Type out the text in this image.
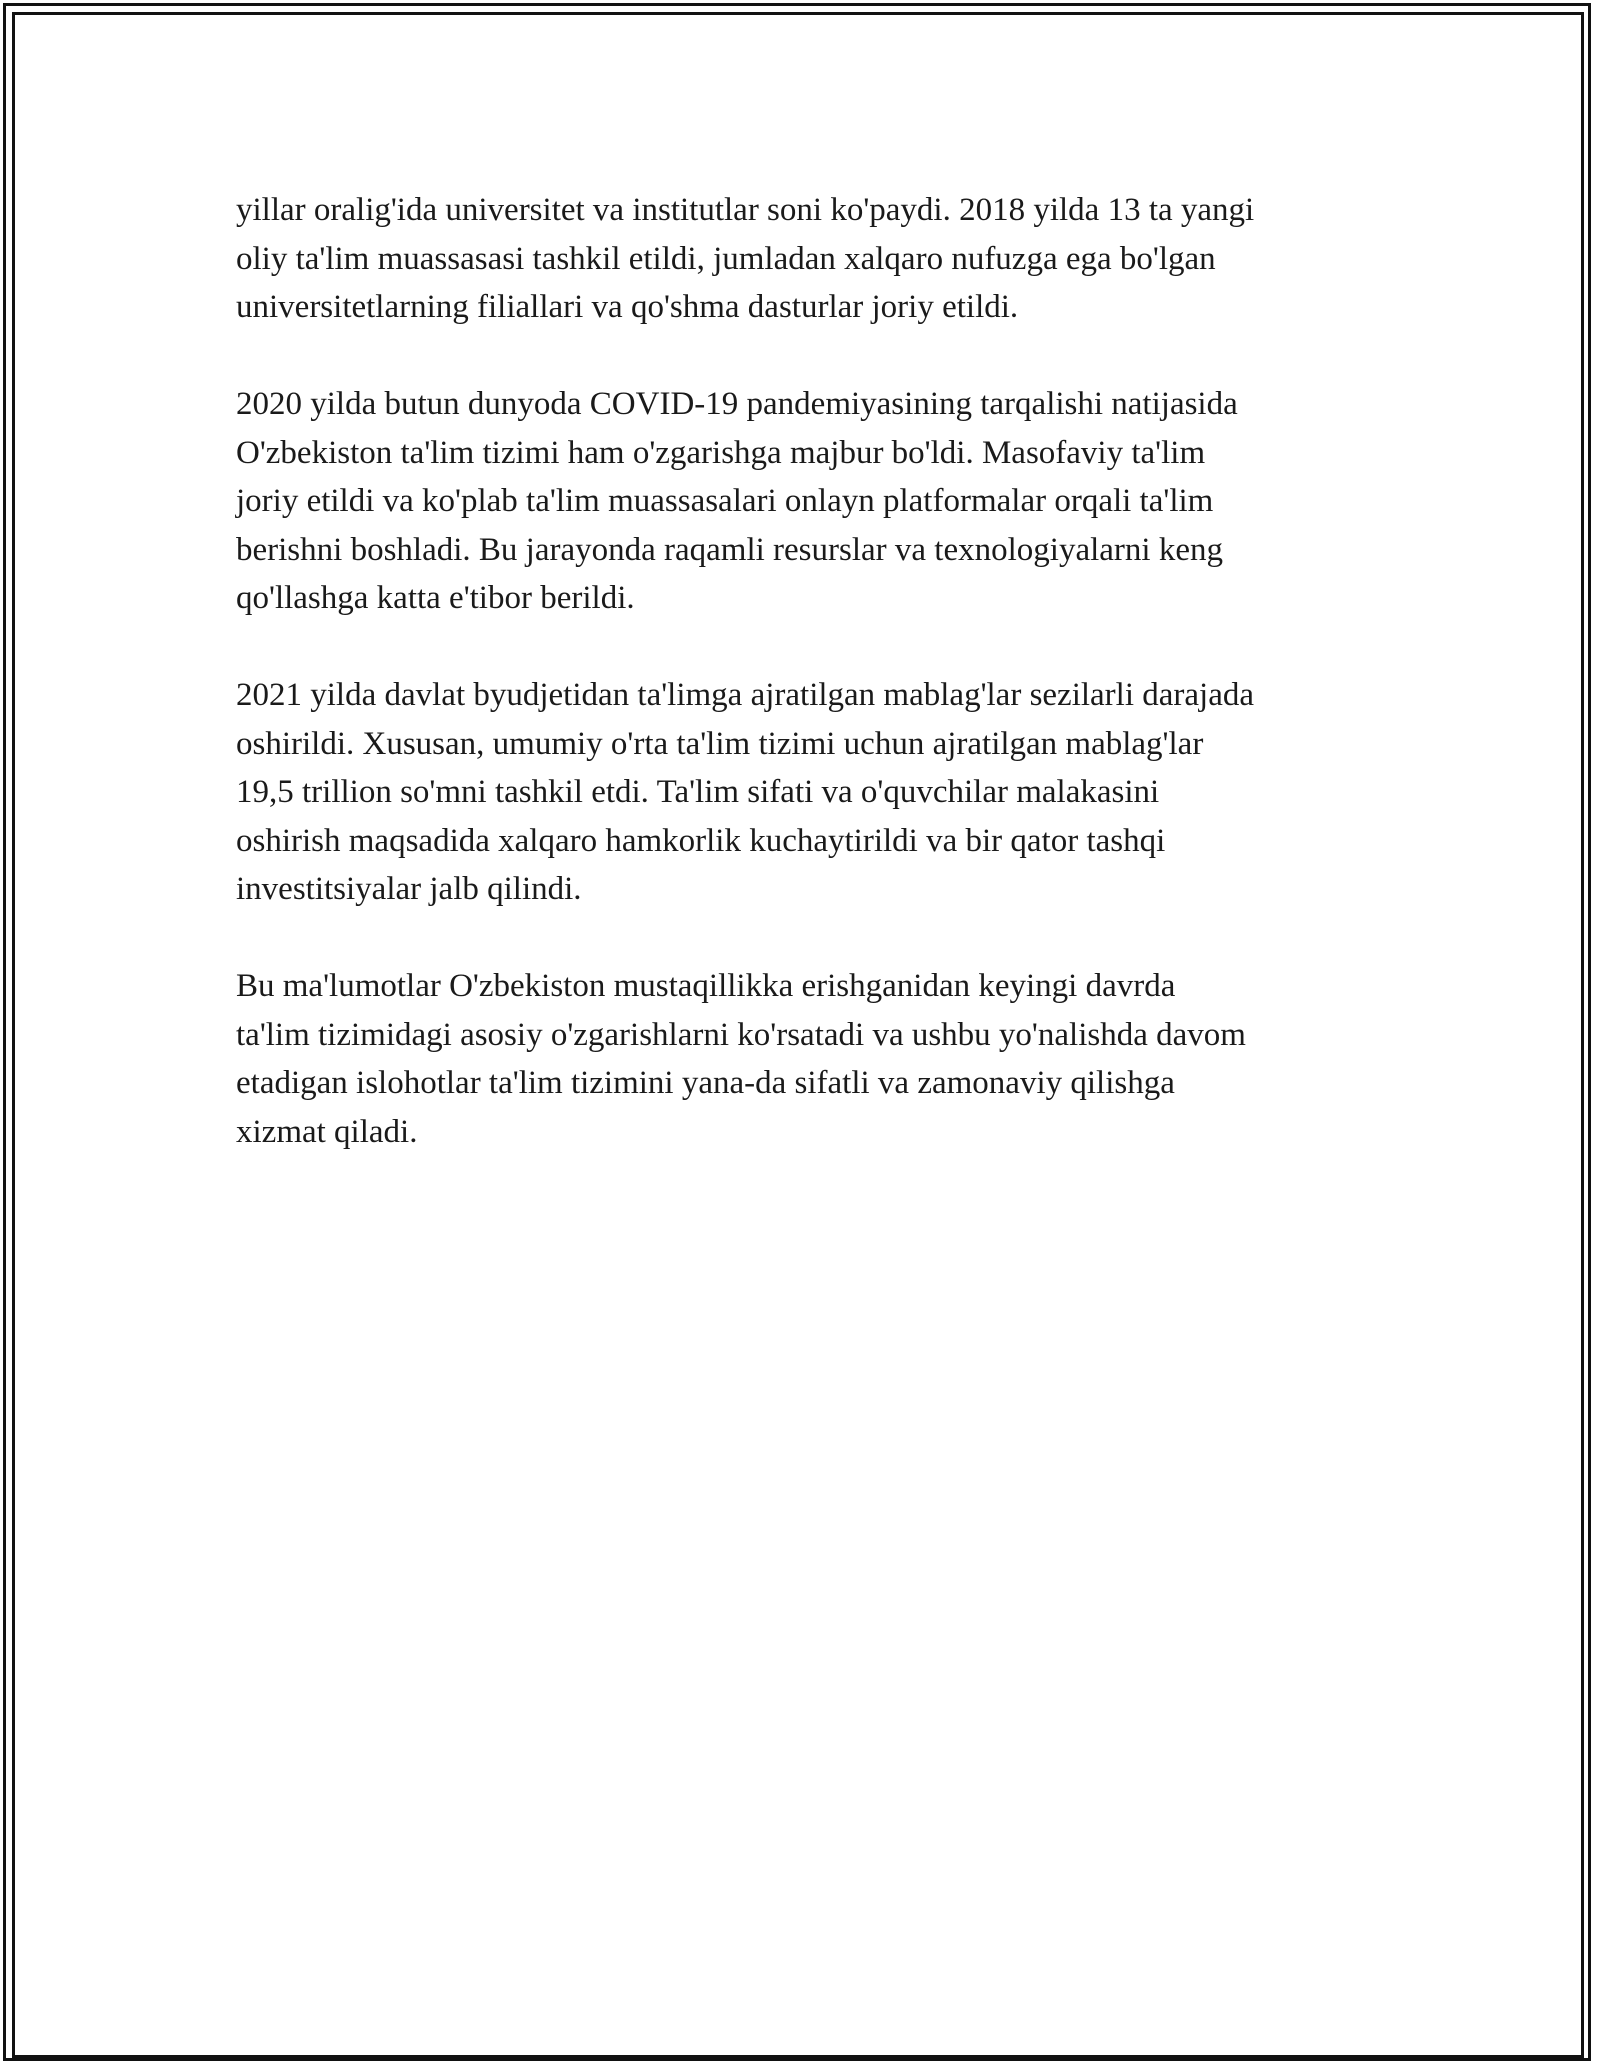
yillar oralig'ida universitet va institutlar soni ko'paydi. 2018 yilda 13 ta yangi
oliy ta'lim muassasasi tashkil etildi, jumladan xalqaro nufuzga ega bo'lgan
universitetlarning filiallari va qo'shma dasturlar joriy etildi.

2020 yilda butun dunyoda COVID-19 pandemiyasining tarqalishi natijasida
O'zbekiston ta'lim tizimi ham o'zgarishga majbur bo'ldi. Masofaviy ta'lim
joriy etildi va ko'plab ta'lim muassasalari onlayn platformalar orqali ta'lim
berishni boshladi. Bu jarayonda raqamli resurslar va texnologiyalarni keng
qo'llashga katta e'tibor berildi.

2021 yilda davlat byudjetidan ta'limga ajratilgan mablag'lar sezilarli darajada
oshirildi. Xususan, umumiy o'rta ta'lim tizimi uchun ajratilgan mablag'lar
19,5 trillion so'mni tashkil etdi. Ta'lim sifati va o'quvchilar malakasini
oshirish maqsadida xalqaro hamkorlik kuchaytirildi va bir qator tashqi
investitsiyalar jalb qilindi.

Bu ma'lumotlar O'zbekiston mustaqillikka erishganidan keyingi davrda
ta'lim tizimidagi asosiy o'zgarishlarni ko'rsatadi va ushbu yo'nalishda davom
etadigan islohotlar ta'lim tizimini yana-da sifatli va zamonaviy qilishga
xizmat qiladi.
